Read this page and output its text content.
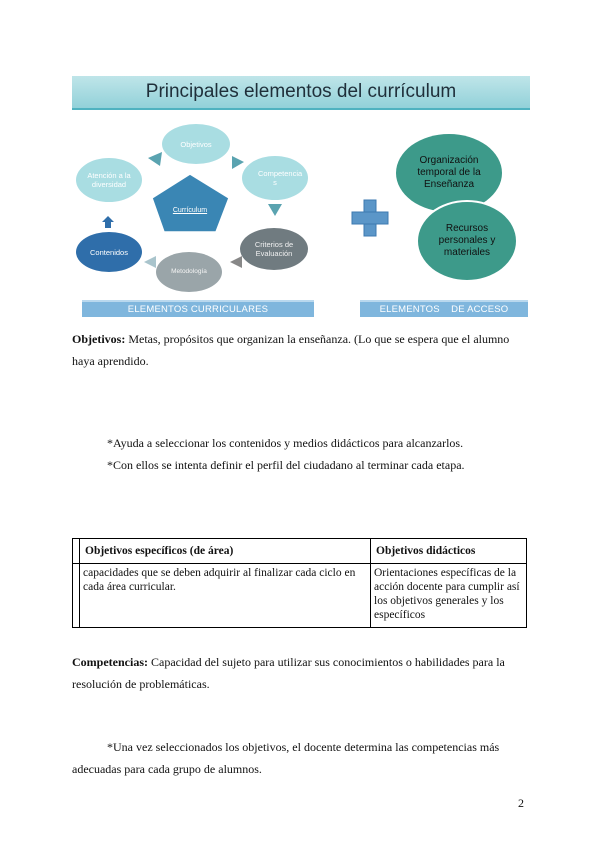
Principales elementos del currículum
Objetivos
Competencia s
Criterios de Evaluación
Metodología
Contenidos
Atención a la diversidad
Currículum
Organización temporal de la Enseñanza
Recursos personales y materiales
ELEMENTOS CURRICULARES	ELEMENTOS    DE ACCESO
Objetivos: Metas, propósitos que organizan la enseñanza. (Lo que se espera que el alumno haya aprendido.
*Ayuda a seleccionar los contenidos y medios didácticos para alcanzarlos.
*Con ellos se intenta definir el perfil del ciudadano al terminar cada etapa.
	Objetivos específicos (de área)	Objetivos didácticos
	capacidades que se deben adquirir al finalizar cada ciclo en cada área curricular.	Orientaciones específicas de la acción docente para cumplir así los objetivos generales y los específicos
Competencias: Capacidad del sujeto para utilizar sus conocimientos o habilidades para la resolución de problemáticas.
*Una vez seleccionados los objetivos, el docente determina las competencias más adecuadas para cada grupo de alumnos.
2
